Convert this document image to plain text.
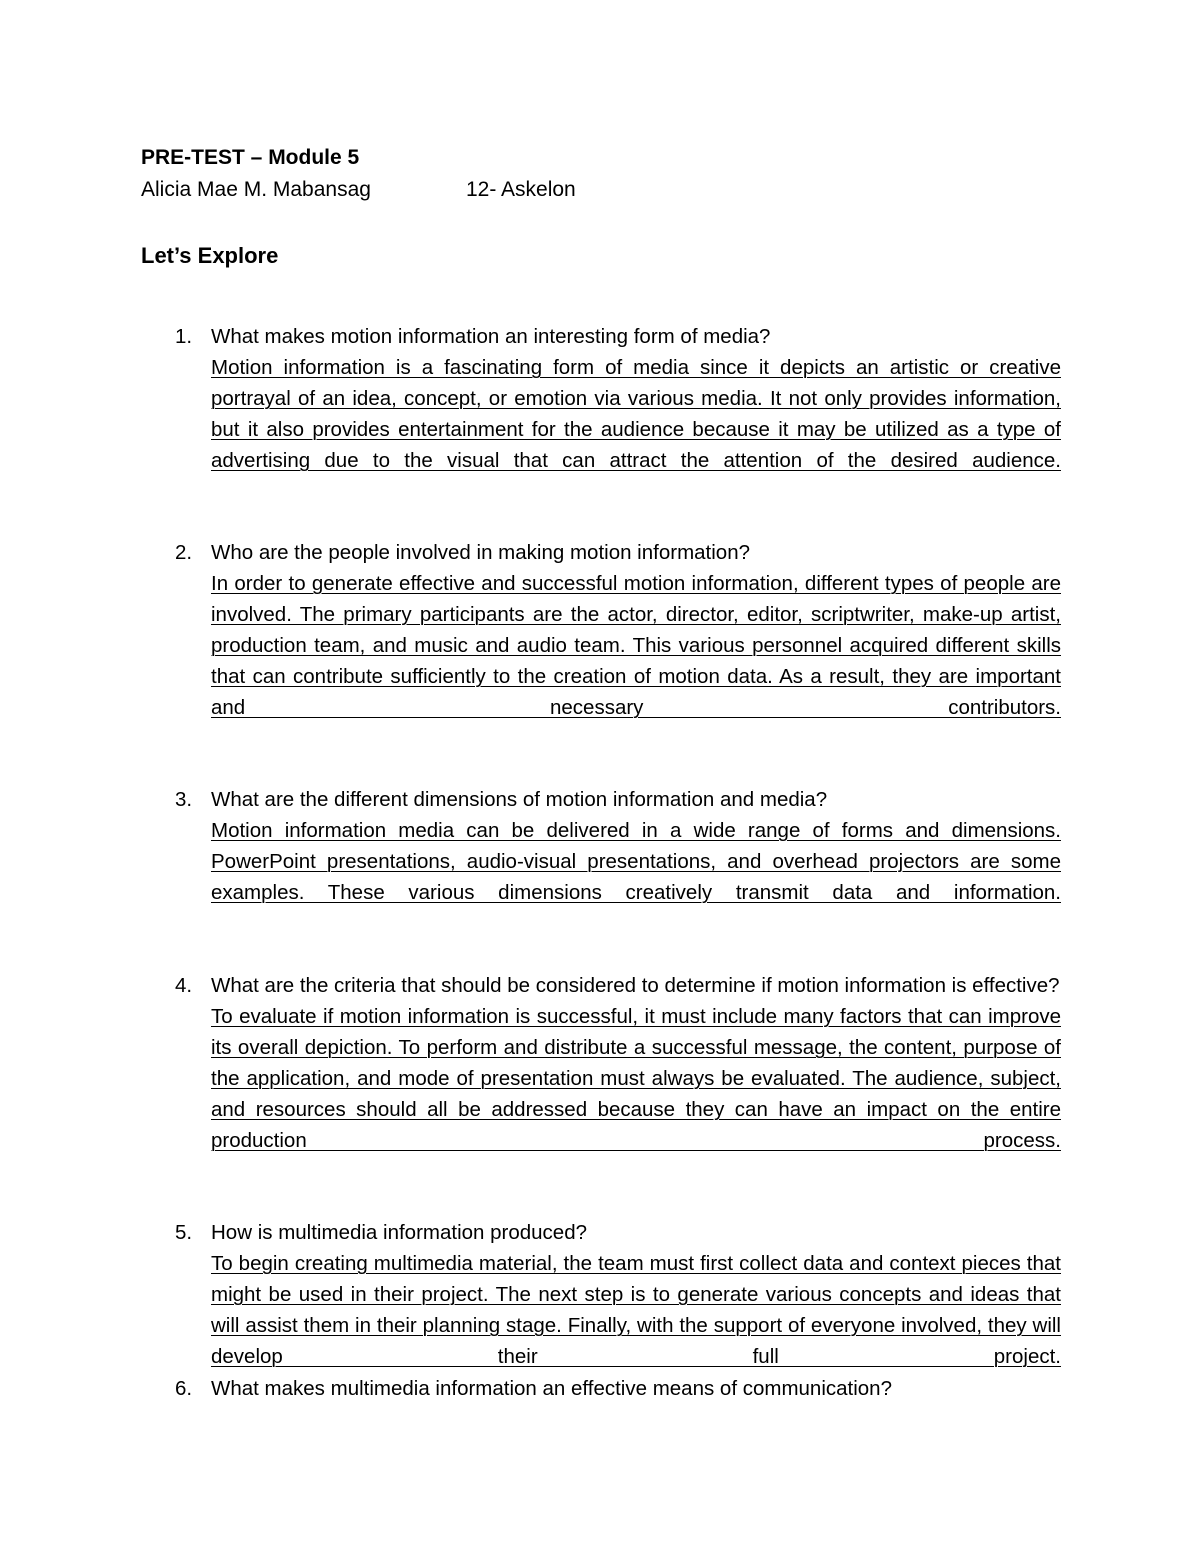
PRE-TEST – Module 5
Alicia Mae M. Mabansag	12- Askelon
Let’s Explore
1. What makes motion information an interesting form of media?
Motion information is a fascinating form of media since it depicts an artistic or creative portrayal of an idea, concept, or emotion via various media. It not only provides information, but it also provides entertainment for the audience because it may be utilized as a type of advertising due to the visual that can attract the attention of the desired audience.
2. Who are the people involved in making motion information?
In order to generate effective and successful motion information, different types of people are involved. The primary participants are the actor, director, editor, scriptwriter, make-up artist, production team, and music and audio team. This various personnel acquired different skills that can contribute sufficiently to the creation of motion data. As a result, they are important and necessary contributors.
3. What are the different dimensions of motion information and media?
Motion information media can be delivered in a wide range of forms and dimensions. PowerPoint presentations, audio-visual presentations, and overhead projectors are some examples. These various dimensions creatively transmit data and information.
4. What are the criteria that should be considered to determine if motion information is effective?
To evaluate if motion information is successful, it must include many factors that can improve its overall depiction. To perform and distribute a successful message, the content, purpose of the application, and mode of presentation must always be evaluated. The audience, subject, and resources should all be addressed because they can have an impact on the entire production process.
5. How is multimedia information produced?
To begin creating multimedia material, the team must first collect data and context pieces that might be used in their project. The next step is to generate various concepts and ideas that will assist them in their planning stage. Finally, with the support of everyone involved, they will develop their full project.
6. What makes multimedia information an effective means of communication?
